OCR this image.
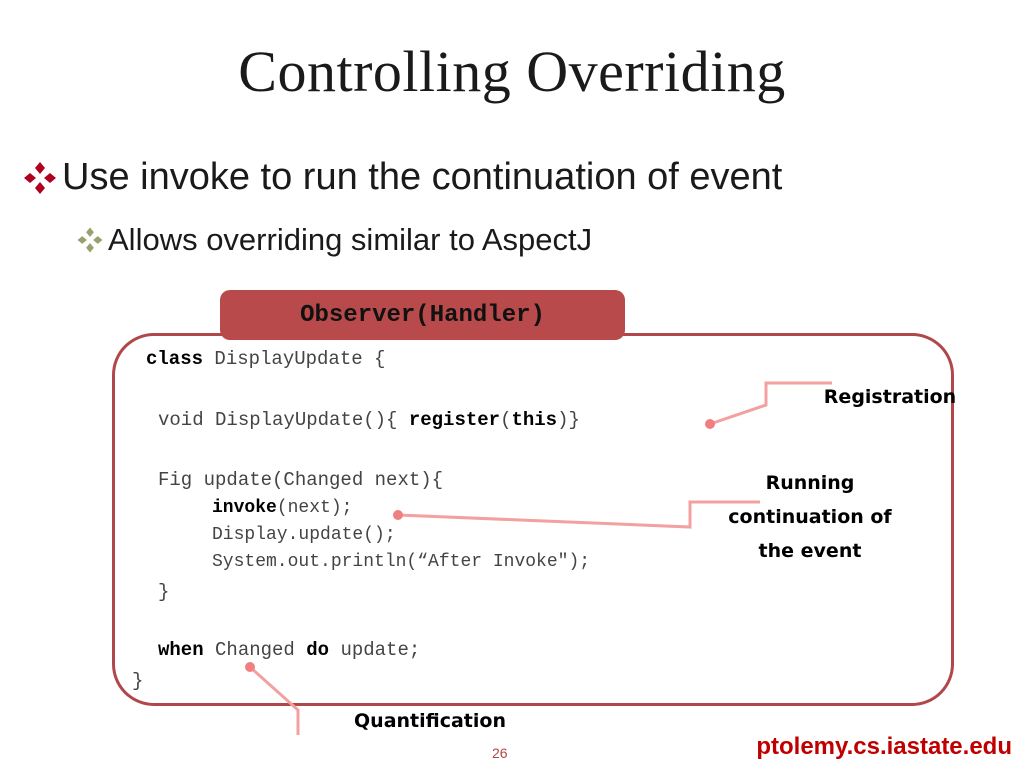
Controlling Overriding
Use invoke to run the continuation of event
Allows overriding similar to AspectJ
Observer(Handler)
class DisplayUpdate {
void DisplayUpdate(){ register(this)}
Fig update(Changed next){
invoke(next);
Display.update();
System.out.println(“After Invoke");
}
when Changed do update;
}
Registration
Running
continuation of
the event
Quantification
26	ptolemy.cs.iastate.edu
